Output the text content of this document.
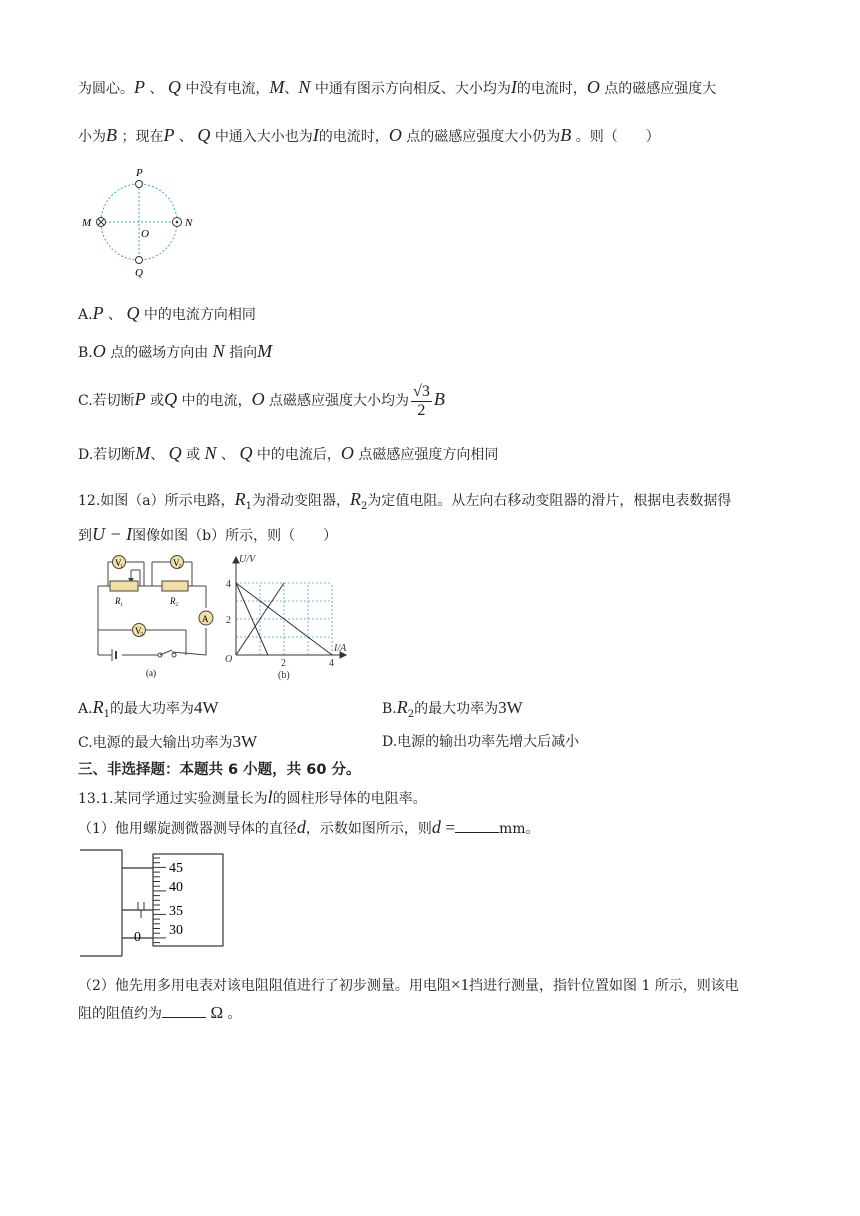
为圆心。P 、 Q 中没有电流，M、N 中通有图示方向相反、大小均为I的电流时，O 点的磁感应强度大
小为B ；现在P 、 Q 中通入大小也为I的电流时，O 点的磁感应强度大小仍为B 。则（　　）
P
Q
M	N
O
A.P 、 Q 中的电流方向相同
B.O 点的磁场方向由 N 指向M
C.若切断P 或Q 中的电流，O 点磁感应强度大小均为 $\frac{√3}{2}$ B
D.若切断M、 Q 或 N 、 Q 中的电流后，O 点磁感应强度方向相同
12.如图（a）所示电路，$R_1$为滑动变阻器，$R_2$为定值电阻。从左向右移动变阻器的滑片，根据电表数据得
到U − I图像如图（b）所示，则（　　）
V 1	V 2
V 3
A
R 1	R 2
(a)
U/V
I/A
O
4
2
2	4
(b)
$A.R_1$的最大功率为4W	$B.R_2$的最大功率为3W
C.电源的最大输出功率为3W	D.电源的输出功率先增大后减小
三、非选择题：本题共 6 小题，共 60 分。
13.1.某同学通过实验测量长为l的圆柱形导体的电阻率。
（1）他用螺旋测微器测导体的直径d，示数如图所示，则d =	mm。
45
40
35
30
0
（2）他先用多用电表对该电阻阻值进行了初步测量。用电阻×1挡进行测量，指针位置如图 1 所示，则该电
阻的阻值约为	Ω 。
